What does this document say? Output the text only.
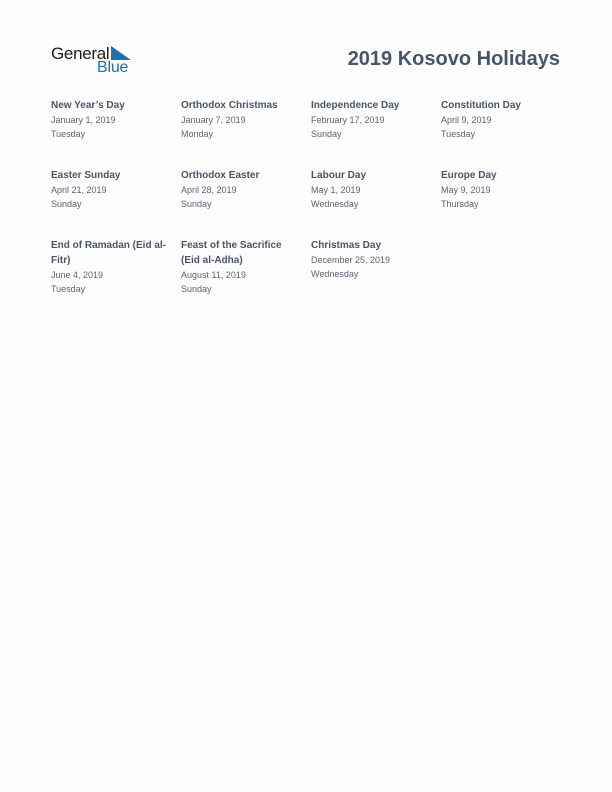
General
Blue	2019 Kosovo Holidays
New Year’s Day
January 1, 2019
Tuesday
Orthodox Christmas
January 7, 2019
Monday
Independence Day
February 17, 2019
Sunday
Constitution Day
April 9, 2019
Tuesday
Easter Sunday
April 21, 2019
Sunday
Orthodox Easter
April 28, 2019
Sunday
Labour Day
May 1, 2019
Wednesday
Europe Day
May 9, 2019
Thursday
End of Ramadan (Eid al-Fitr)
June 4, 2019
Tuesday
Feast of the Sacrifice (Eid al-Adha)
August 11, 2019
Sunday
Christmas Day
December 25, 2019
Wednesday
